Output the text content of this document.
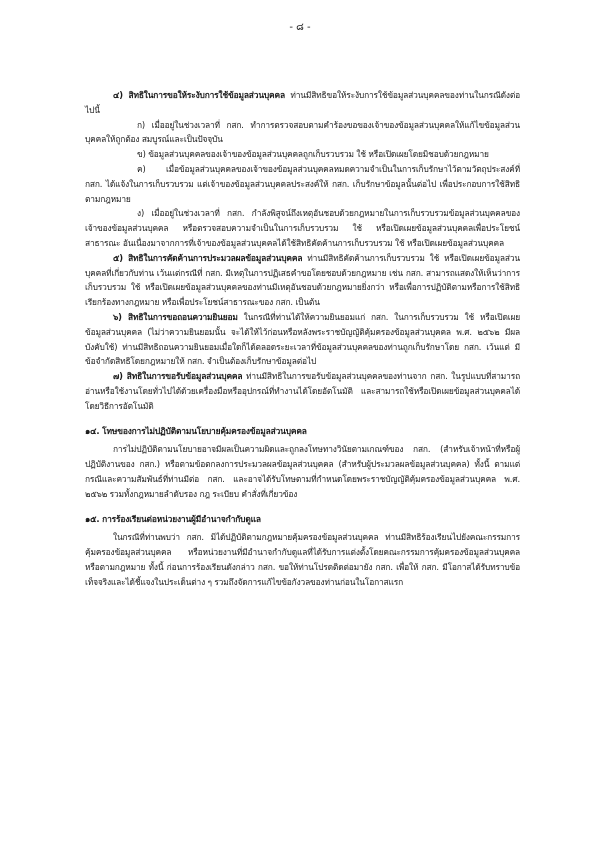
- ๘ -

๔) สิทธิในการขอให้ระงับการใช้ข้อมูลส่วนบุคคล ท่านมีสิทธิขอให้ระงับการใช้ข้อมูลส่วนบุคคลของท่านในกรณีดังต่อไปนี้

ก) เมื่ออยู่ในช่วงเวลาที่ กสก. ทำการตรวจสอบตามคำร้องขอของเจ้าของข้อมูลส่วนบุคคลให้แก้ไขข้อมูลส่วนบุคคลให้ถูกต้อง สมบูรณ์และเป็นปัจจุบัน

ข) ข้อมูลส่วนบุคคลของเจ้าของข้อมูลส่วนบุคคลถูกเก็บรวบรวม ใช้ หรือเปิดเผยโดยมิชอบด้วยกฎหมาย

ค) เมื่อข้อมูลส่วนบุคคลของเจ้าของข้อมูลส่วนบุคคลหมดความจำเป็นในการเก็บรักษาไว้ตามวัตถุประสงค์ที่ กสก. ได้แจ้งในการเก็บรวบรวม แต่เจ้าของข้อมูลส่วนบุคคลประสงค์ให้ กสก. เก็บรักษาข้อมูลนั้นต่อไป เพื่อประกอบการใช้สิทธิตามกฎหมาย

ง) เมื่ออยู่ในช่วงเวลาที่ กสก. กำลังพิสูจน์ถึงเหตุอันชอบด้วยกฎหมายในการเก็บรวบรวมข้อมูลส่วนบุคคลของเจ้าของข้อมูลส่วนบุคคล หรือตรวจสอบความจำเป็นในการเก็บรวบรวม ใช้ หรือเปิดเผยข้อมูลส่วนบุคคลเพื่อประโยชน์สาธารณะ อันเนื่องมาจากการที่เจ้าของข้อมูลส่วนบุคคลได้ใช้สิทธิคัดค้านการเก็บรวบรวม ใช้ หรือเปิดเผยข้อมูลส่วนบุคคล

๕) สิทธิในการคัดค้านการประมวลผลข้อมูลส่วนบุคคล ท่านมีสิทธิคัดค้านการเก็บรวบรวม ใช้ หรือเปิดเผยข้อมูลส่วนบุคคลที่เกี่ยวกับท่าน เว้นแต่กรณีที่ กสก. มีเหตุในการปฏิเสธคำขอโดยชอบด้วยกฎหมาย เช่น กสก. สามารถแสดงให้เห็นว่าการเก็บรวบรวม ใช้ หรือเปิดเผยข้อมูลส่วนบุคคลของท่านมีเหตุอันชอบด้วยกฎหมายยิ่งกว่า หรือเพื่อการปฏิบัติตามหรือการใช้สิทธิเรียกร้องทางกฎหมาย หรือเพื่อประโยชน์สาธารณะของ กสก. เป็นต้น

๖) สิทธิในการขอถอนความยินยอม ในกรณีที่ท่านได้ให้ความยินยอมแก่ กสก. ในการเก็บรวบรวม ใช้ หรือเปิดเผยข้อมูลส่วนบุคคล (ไม่ว่าความยินยอมนั้น จะได้ให้ไว้ก่อนหรือหลังพระราชบัญญัติคุ้มครองข้อมูลส่วนบุคคล พ.ศ. ๒๕๖๒ มีผลบังคับใช้) ท่านมีสิทธิถอนความยินยอมเมื่อใดก็ได้ตลอดระยะเวลาที่ข้อมูลส่วนบุคคลของท่านถูกเก็บรักษาโดย กสก. เว้นแต่ มีข้อจำกัดสิทธิโดยกฎหมายให้ กสก. จำเป็นต้องเก็บรักษาข้อมูลต่อไป

๗) สิทธิในการขอรับข้อมูลส่วนบุคคล ท่านมีสิทธิในการขอรับข้อมูลส่วนบุคคลของท่านจาก กสก. ในรูปแบบที่สามารถอ่านหรือใช้งานโดยทั่วไปได้ด้วยเครื่องมือหรืออุปกรณ์ที่ทำงานได้โดยอัตโนมัติ และสามารถใช้หรือเปิดเผยข้อมูลส่วนบุคคลได้โดยวิธีการอัตโนมัติ

๑๔. โทษของการไม่ปฏิบัติตามนโยบายคุ้มครองข้อมูลส่วนบุคคล

การไม่ปฏิบัติตามนโยบายอาจมีผลเป็นความผิดและถูกลงโทษทางวินัยตามเกณฑ์ของ กสก. (สำหรับเจ้าหน้าที่หรือผู้ปฏิบัติงานของ กสก.) หรือตามข้อตกลงการประมวลผลข้อมูลส่วนบุคคล (สำหรับผู้ประมวลผลข้อมูลส่วนบุคคล) ทั้งนี้ ตามแต่กรณีและความสัมพันธ์ที่ท่านมีต่อ กสก. และอาจได้รับโทษตามที่กำหนดโดยพระราชบัญญัติคุ้มครองข้อมูลส่วนบุคคล พ.ศ. ๒๕๖๒ รวมทั้งกฎหมายลำดับรอง กฎ ระเบียบ คำสั่งที่เกี่ยวข้อง

๑๕. การร้องเรียนต่อหน่วยงานผู้มีอำนาจกำกับดูแล

ในกรณีที่ท่านพบว่า กสก. มิได้ปฏิบัติตามกฎหมายคุ้มครองข้อมูลส่วนบุคคล ท่านมีสิทธิร้องเรียนไปยังคณะกรรมการคุ้มครองข้อมูลส่วนบุคคล หรือหน่วยงานที่มีอำนาจกำกับดูแลที่ได้รับการแต่งตั้งโดยคณะกรรมการคุ้มครองข้อมูลส่วนบุคคลหรือตามกฎหมาย ทั้งนี้ ก่อนการร้องเรียนดังกล่าว กสก. ขอให้ท่านโปรดติดต่อมายัง กสก. เพื่อให้ กสก. มีโอกาสได้รับทราบข้อเท็จจริงและได้ชี้แจงในประเด็นต่าง ๆ รวมถึงจัดการแก้ไขข้อกังวลของท่านก่อนในโอกาสแรก
